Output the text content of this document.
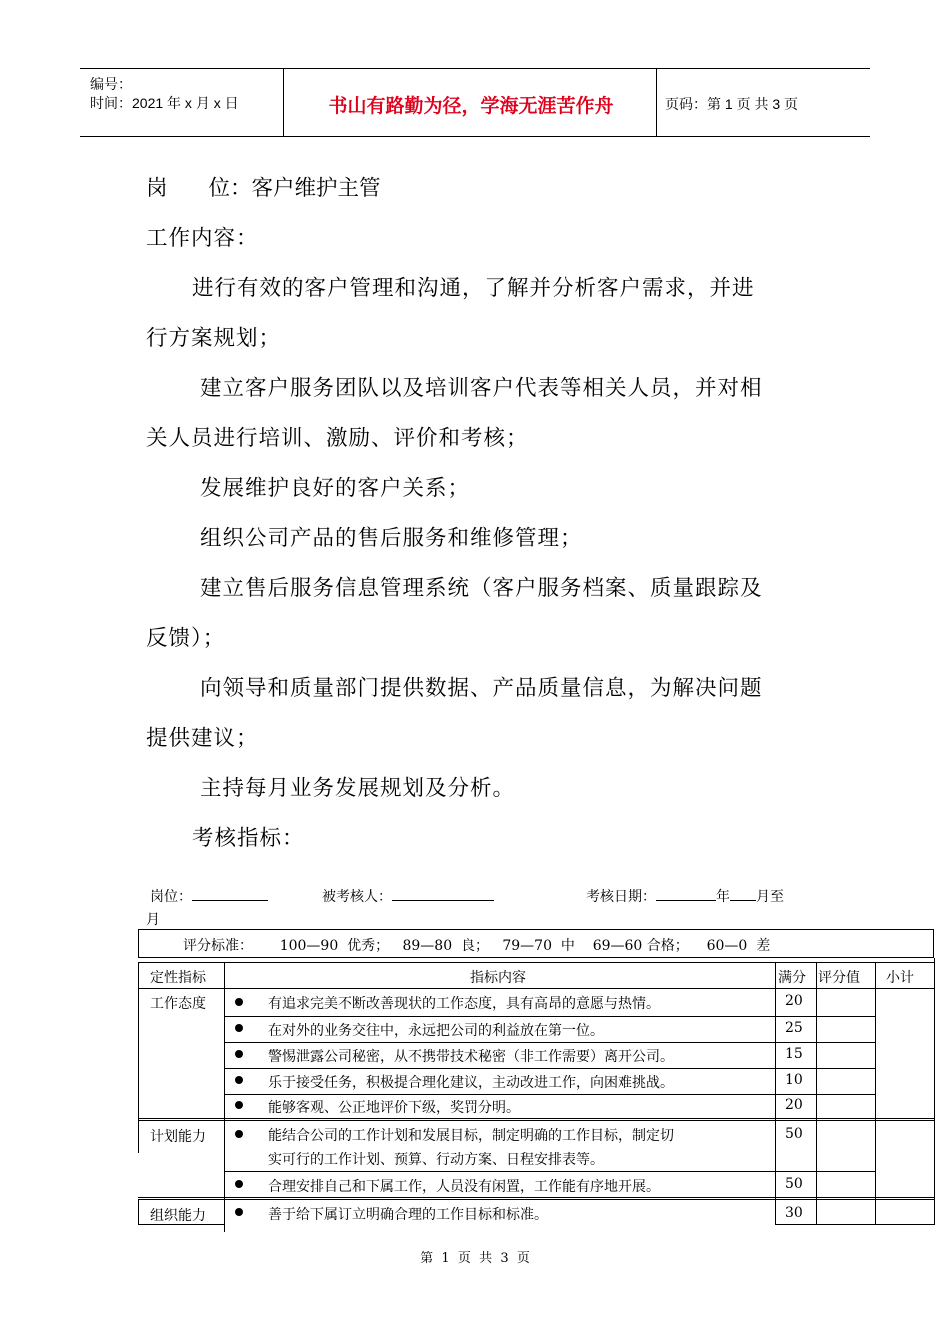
编号：
时间：2021 年 x 月 x 日	书山有路勤为径，学海无涯苦作舟	页码：第 1 页 共 3 页
岗      位：客户维护主管
工作内容：
进行有效的客户管理和沟通，了解并分析客户需求，并进
行方案规划；
建立客户服务团队以及培训客户代表等相关人员，并对相
关人员进行培训、激励、评价和考核；
发展维护良好的客户关系；
组织公司产品的售后服务和维修管理；
建立售后服务信息管理系统（客户服务档案、质量跟踪及
反馈）；
向领导和质量部门提供数据、产品质量信息，为解决问题
提供建议；
主持每月业务发展规划及分析。
考核指标：
岗位：	被考核人：	考核日期：	年 月至
月
评分标准：      100—90  优秀；   89—80  良；   79—70  中    69—60 合格；    60—0  差
定性指标	指标内容	满分 评分值 小计
工作态度	有追求完美不断改善现状的工作态度，具有高昂的意愿与热情。	20
在对外的业务交往中，永远把公司的利益放在第一位。	25
警惕泄露公司秘密，从不携带技术秘密（非工作需要）离开公司。	15
乐于接受任务，积极提合理化建议，主动改进工作，向困难挑战。	10
能够客观、公正地评价下级，奖罚分明。	20
计划能力	能结合公司的工作计划和发展目标，制定明确的工作目标，制定切
实可行的工作计划、预算、行动方案、日程安排表等。
50
合理安排自己和下属工作，人员没有闲置，工作能有序地开展。	50
组织能力	善于给下属订立明确合理的工作目标和标准。	30
第  1  页  共  3  页
